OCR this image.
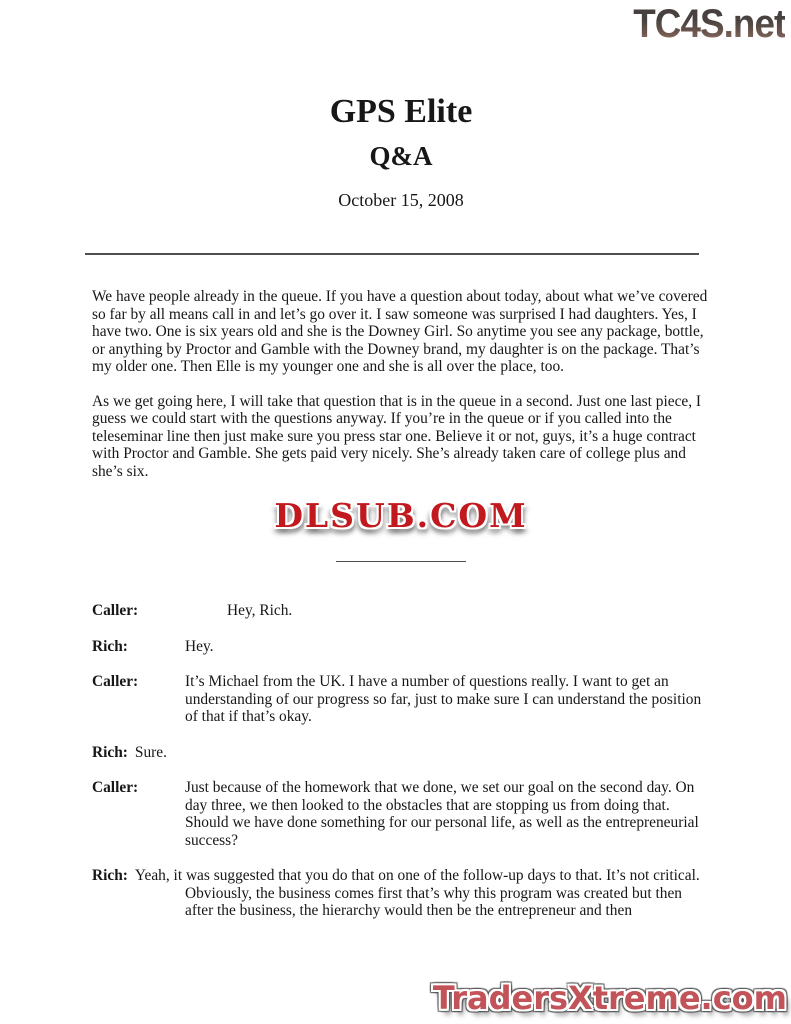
TC4S.net
GPS Elite
Q&A
October 15, 2008

We have people already in the queue. If you have a question about today, about what we’ve covered so far by all means call in and let’s go over it. I saw someone was surprised I had daughters. Yes, I have two. One is six years old and she is the Downey Girl. So anytime you see any package, bottle, or anything by Proctor and Gamble with the Downey brand, my daughter is on the package. That’s my older one. Then Elle is my younger one and she is all over the place, too.

As we get going here, I will take that question that is in the queue in a second. Just one last piece, I guess we could start with the questions anyway. If you’re in the queue or if you called into the teleseminar line then just make sure you press star one. Believe it or not, guys, it’s a huge contract with Proctor and Gamble. She gets paid very nicely. She’s already taken care of college plus and she’s six.

DLSUB.COM
Caller:	Hey, Rich.
Rich:	Hey.
Caller:	It’s Michael from the UK. I have a number of questions really. I want to get an understanding of our progress so far, just to make sure I can understand the position of that if that’s okay.
Rich: Sure.
Caller:	Just because of the homework that we done, we set our goal on the second day. On day three, we then looked to the obstacles that are stopping us from doing that. Should we have done something for our personal life, as well as the entrepreneurial success?
Rich: Yeah, it was suggested that you do that on one of the follow-up days to that. It’s not critical. Obviously, the business comes first that’s why this program was created but then after the business, the hierarchy would then be the entrepreneur and then
TradersXtreme.com
